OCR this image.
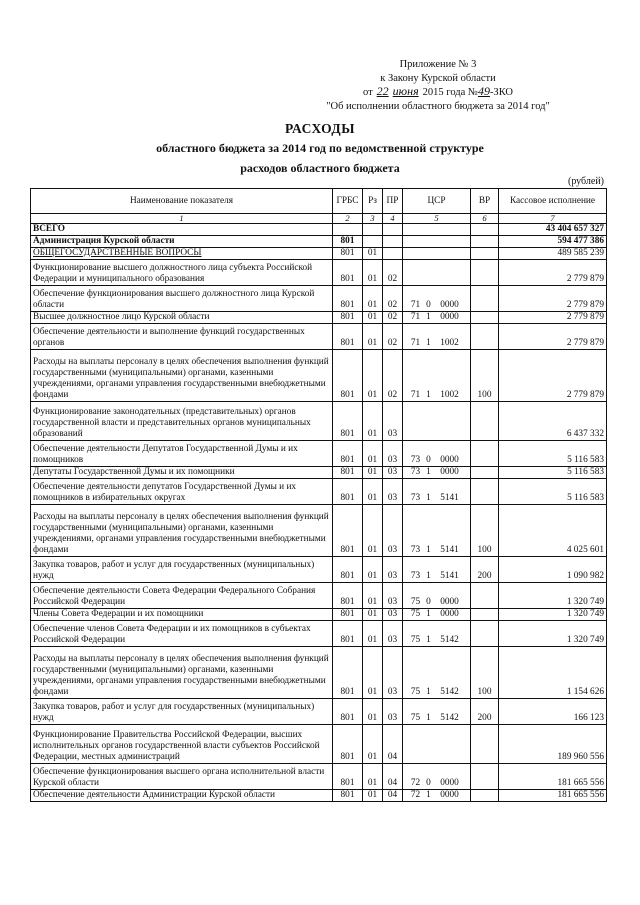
Приложение № 3
к Закону Курской области
от 22 июня 2015 года №49-ЗКО
"Об исполнении областного бюджета за 2014 год"
РАСХОДЫ
областного бюджета за 2014 год по ведомственной структуре
расходов областного бюджета
(рублей)
Наименование показателя	ГРБС	Рз	ПР	ЦСР	ВР	Кассовое исполнение
1	2	3	4	5	6	7
ВСЕГО						43 404 657 327
Администрация Курской области	801					594 477 386
ОБЩЕГОСУДАРСТВЕННЫЕ ВОПРОСЫ	801	01				489 585 239
Функционирование высшего должностного лица субъекта Российской Федерации и муниципального образования	801	01	02			2 779 879
Обеспечение функционирования высшего должностного лица Курской области	801	01	02	71 0 0000		2 779 879
Высшее должностное лицо Курской области	801	01	02	71 1 0000		2 779 879
Обеспечение деятельности и выполнение функций государственных органов	801	01	02	71 1 1002		2 779 879
Расходы на выплаты персоналу в целях обеспечения выполнения функций государственными (муниципальными) органами, казенными учреждениями, органами управления государственными внебюджетными фондами	801	01	02	71 1 1002	100	2 779 879
Функционирование законодательных (представительных) органов государственной власти и представительных органов муниципальных образований	801	01	03			6 437 332
Обеспечение деятельности Депутатов Государственной Думы и их помощников	801	01	03	73 0 0000		5 116 583
Депутаты Государственной Думы и их помощники	801	01	03	73 1 0000		5 116 583
Обеспечение деятельности депутатов Государственной Думы и их помощников в избирательных округах	801	01	03	73 1 5141		5 116 583
Расходы на выплаты персоналу в целях обеспечения выполнения функций государственными (муниципальными) органами, казенными учреждениями, органами управления государственными внебюджетными фондами	801	01	03	73 1 5141	100	4 025 601
Закупка товаров, работ и услуг для государственных (муниципальных) нужд	801	01	03	73 1 5141	200	1 090 982
Обеспечение деятельности Совета Федерации Федерального Собрания Российской Федерации	801	01	03	75 0 0000		1 320 749
Члены Совета Федерации и их помощники	801	01	03	75 1 0000		1 320 749
Обеспечение членов Совета Федерации и их помощников в субъектах Российской Федерации	801	01	03	75 1 5142		1 320 749
Расходы на выплаты персоналу в целях обеспечения выполнения функций государственными (муниципальными) органами, казенными учреждениями, органами управления государственными внебюджетными фондами	801	01	03	75 1 5142	100	1 154 626
Закупка товаров, работ и услуг для государственных (муниципальных) нужд	801	01	03	75 1 5142	200	166 123
Функционирование Правительства Российской Федерации, высших исполнительных органов государственной власти субъектов Российской Федерации, местных администраций	801	01	04			189 960 556
Обеспечение функционирования высшего органа исполнительной власти Курской области	801	01	04	72 0 0000		181 665 556
Обеспечение деятельности Администрации Курской области	801	01	04	72 1 0000		181 665 556
